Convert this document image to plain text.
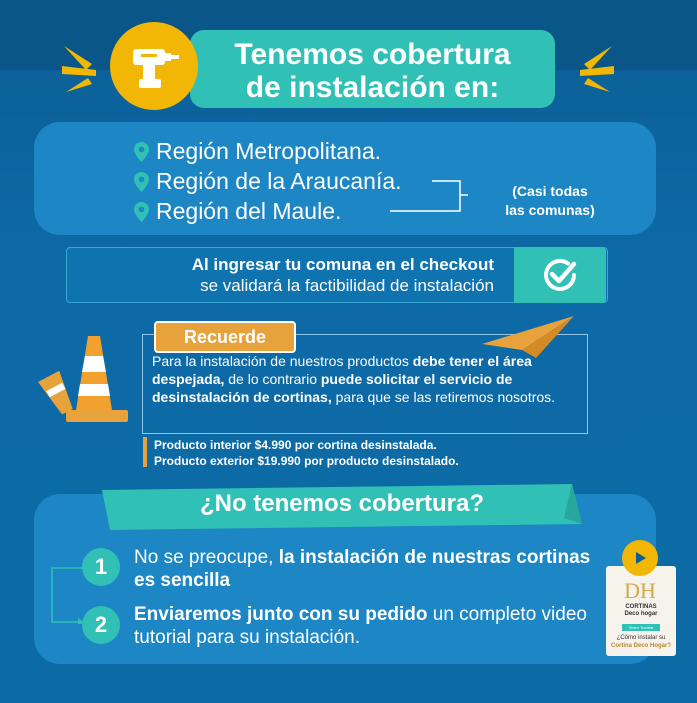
Tenemos cobertura
de instalación en:
Región Metropolitana.
Región de la Araucanía.
Región del Maule.
(Casi todas
las comunas)
Al ingresar tu comuna en el checkout
se validará la factibilidad de instalación
Recuerde
Para la instalación de nuestros productos debe tener el área despejada, de lo contrario puede solicitar el servicio de desinstalación de cortinas, para que se las retiremos nosotros.
Producto interior $4.990 por cortina desinstalada.
Producto exterior $19.990 por producto desinstalado.
¿No tenemos cobertura?
1	No se preocupe, la instalación de nuestras cortinas es sencilla
2	Enviaremos junto con su pedido un completo video tutorial para su instalación.
DH
CORTINAS
Deco hogar
Video Tutorial
¿Cómo instalar su
Cortina Deco Hogar?
